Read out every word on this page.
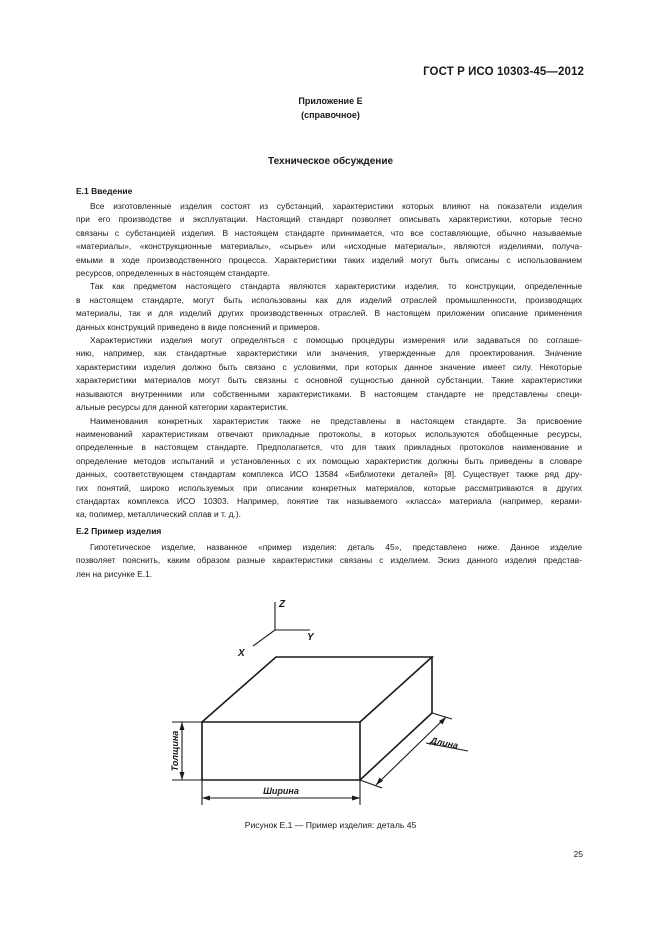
ГОСТ Р ИСО 10303-45—2012
Приложение Е
(справочное)
Техническое обсуждение
Е.1 Введение
Все изготовленные изделия состоят из субстанций, характеристики которых влияют на показатели изделия
при его производстве и эксплуатации. Настоящий стандарт позволяет описывать характеристики, которые тесно
связаны с субстанцией изделия. В настоящем стандарте принимается, что все составляющие, обычно называемые
«материалы», «конструкционные материалы», «сырье» или «исходные материалы», являются изделиями, получа-
емыми в ходе производственного процесса. Характеристики таких изделий могут быть описаны с использованием
ресурсов, определенных в настоящем стандарте.
Так как предметом настоящего стандарта являются характеристики изделия, то конструкции, определенные
в настоящем стандарте, могут быть использованы как для изделий отраслей промышленности, производящих
материалы, так и для изделий других производственных отраслей. В настоящем приложении описание применения
данных конструкций приведено в виде пояснений и примеров.
Характеристики изделия могут определяться с помощью процедуры измерения или задаваться по соглаше-
нию, например, как стандартные характеристики или значения, утвержденные для проектирования. Значение
характеристики изделия должно быть связано с условиями, при которых данное значение имеет силу. Некоторые
характеристики материалов могут быть связаны с основной сущностью данной субстанции. Такие характеристики
называются внутренними или собственными характеристиками. В настоящем стандарте не представлены специ-
альные ресурсы для данной категории характеристик.
Наименования конкретных характеристик также не представлены в настоящем стандарте. За присвоение
наименований характеристикам отвечают прикладные протоколы, в которых используются обобщенные ресурсы,
определенные в настоящем стандарте. Предполагается, что для таких прикладных протоколов наименование и
определение методов испытаний и установленных с их помощью характеристик должны быть приведены в словаре
данных, соответствующем стандартам комплекса ИСО 13584 «Библиотеки деталей» [8]. Существует также ряд дру-
гих понятий, широко используемых при описании конкретных материалов, которые рассматриваются в других
стандартах комплекса ИСО 10303. Например, понятие так называемого «класса» материала (например, керами-
ка, полимер, металлический сплав и т. д.).
Е.2 Пример изделия
Гипотетическое изделие, названное «пример изделия: деталь 45», представлено ниже. Данное изделие
позволяет пояснить, каким образом разные характеристики связаны с изделием. Эскиз данного изделия представ-
лен на рисунке Е.1.
Z
Y
X
Толщина
Ширина
Длина
Рисунок Е.1 — Пример изделия: деталь 45
25
